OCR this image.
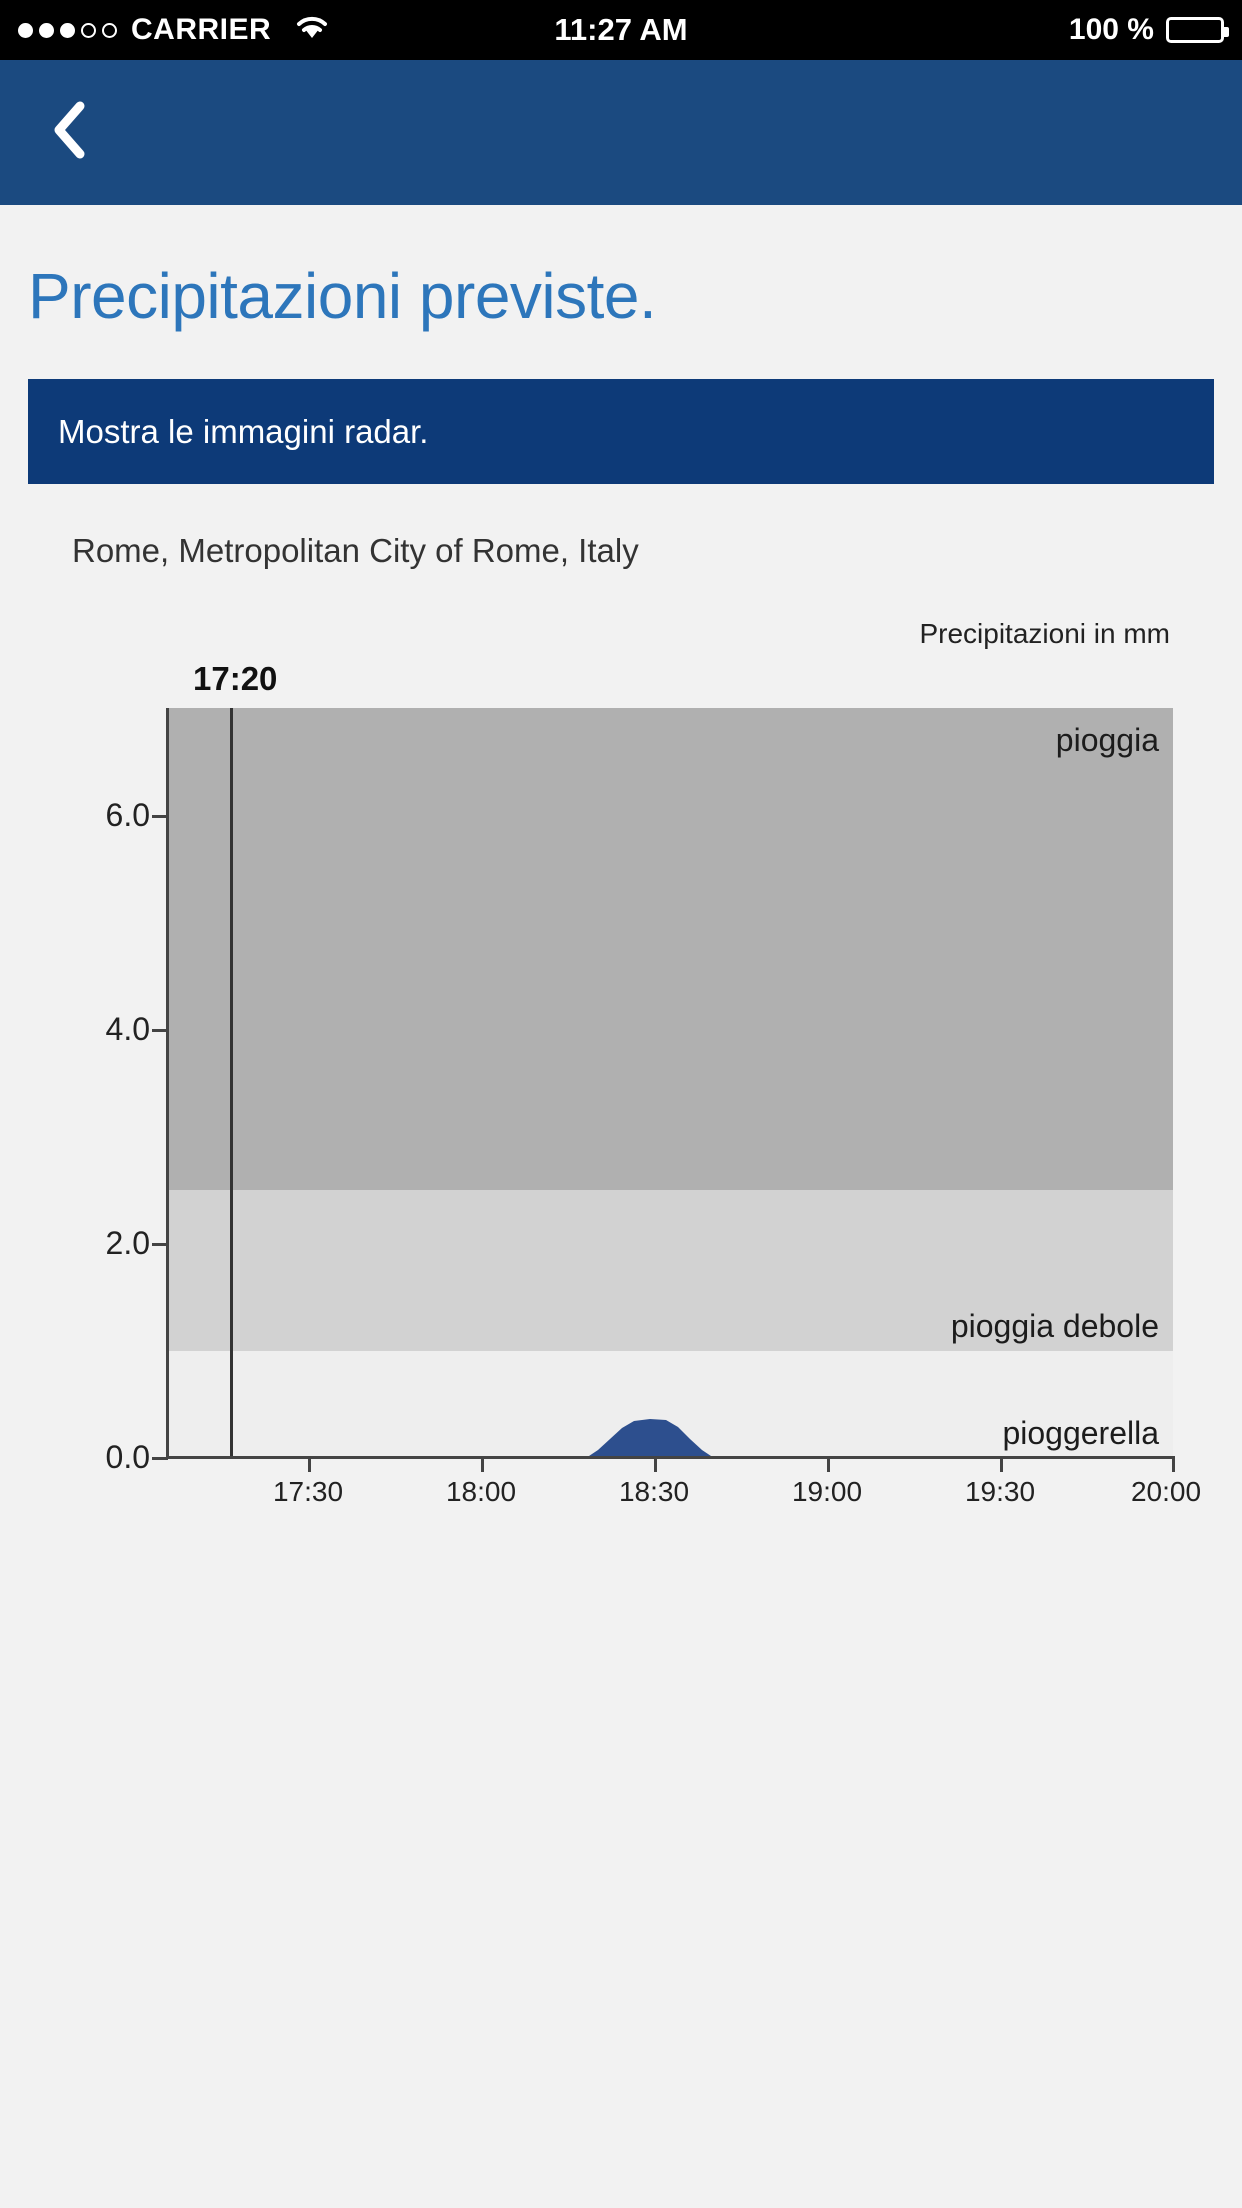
CARRIER	11:27 AM	100 %
Precipitazioni previste.
Mostra le immagini radar.

Rome, Metropolitan City of Rome, Italy

Precipitazioni in mm
17:20
pioggia
pioggia debole
pioggerella
0.0
2.0
4.0
6.0
17:30	18:00	18:30	19:00	19:30	20:00
